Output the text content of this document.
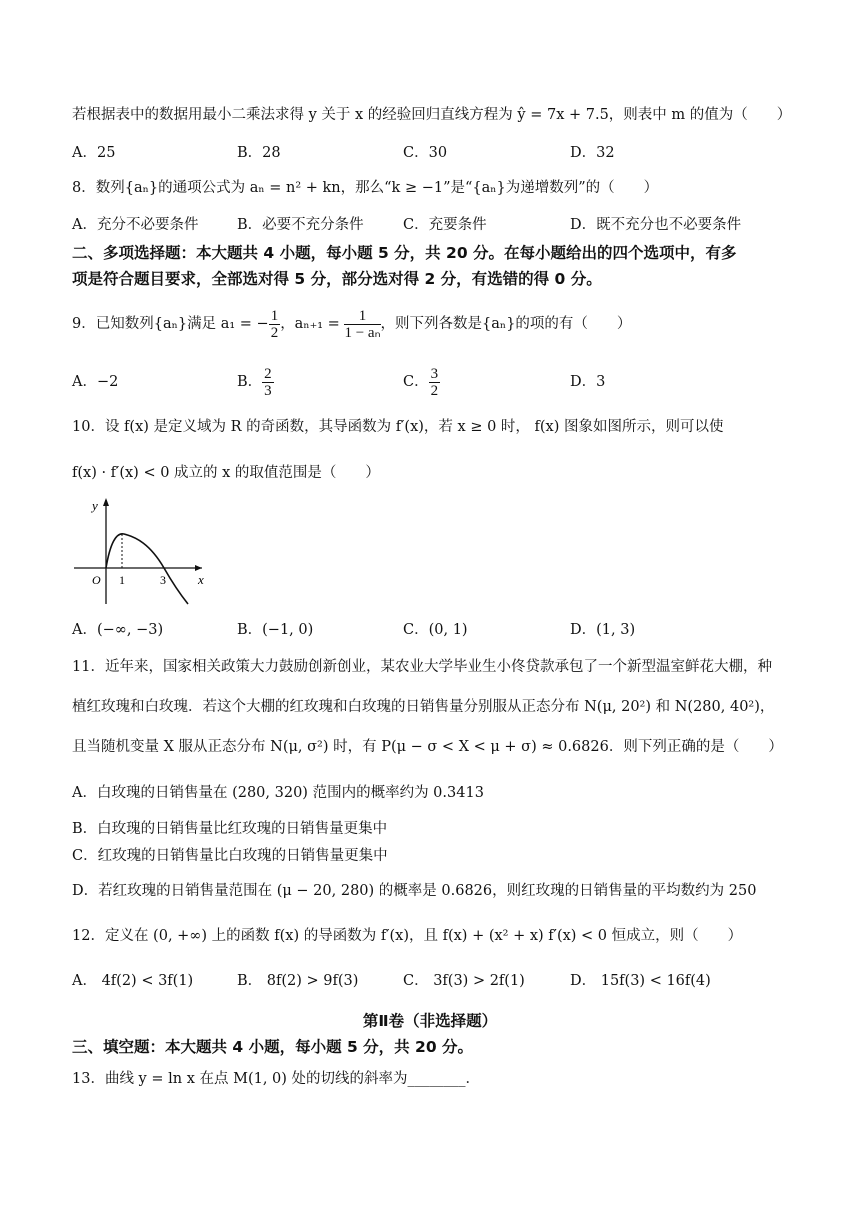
若根据表中的数据用最小二乘法求得 y 关于 x 的经验回归直线方程为 ŷ = 7x + 7.5，则表中 m 的值为（　　）
A．25	B．28	C．30	D．32
8．数列{aₙ}的通项公式为 aₙ = n² + kn，那么“k ≥ −1”是“{aₙ}为递增数列”的（　　）
A．充分不必要条件	B．必要不充分条件	C．充要条件	D．既不充分也不必要条件
二、多项选择题：本大题共 4 小题，每小题 5 分，共 20 分。在每小题给出的四个选项中，有多
项是符合题目要求，全部选对得 5 分，部分选对得 2 分，有选错的得 0 分。
9．已知数列{aₙ}满足 a₁ = − $\frac{1}{2}$ ，$a_{n+1} = \frac{1}{\text{1 − aₙ}}$ ，则下列各数是{aₙ}的项的有（　　）
A．−2	B． $\frac{2}{3}$	C． $\frac{3}{2}$	D．3
10．设 f(x) 是定义域为 R 的奇函数，其导函数为 f′(x)，若 x ≥ 0 时， f(x) 图象如图所示，则可以使
f(x) · f′(x) < 0 成立的 x 的取值范围是（　　）
y
x
O 1	3
A．(−∞, −3)	B．(−1, 0)	C．(0, 1)	D．(1, 3)
11．近年来，国家相关政策大力鼓励创新创业，某农业大学毕业生小佟贷款承包了一个新型温室鲜花大棚，种
植红玫瑰和白玫瑰．若这个大棚的红玫瑰和白玫瑰的日销售量分别服从正态分布 N(μ, 20²) 和 N(280, 40²)，
且当随机变量 X 服从正态分布 N(μ, σ²) 时，有 P(μ − σ < X < μ + σ) ≈ 0.6826．则下列正确的是（　　）
A．白玫瑰的日销售量在 (280, 320) 范围内的概率约为 0.3413
B．白玫瑰的日销售量比红玫瑰的日销售量更集中
C．红玫瑰的日销售量比白玫瑰的日销售量更集中
D．若红玫瑰的日销售量范围在 (μ − 20, 280) 的概率是 0.6826，则红玫瑰的日销售量的平均数约为 250
12．定义在 (0, +∞) 上的函数 f(x) 的导函数为 f′(x)，且 f(x) + (x² + x) f′(x) < 0 恒成立，则（　　）
A． 4f(2) < 3f(1)	B． 8f(2) > 9f(3)	C． 3f(3) > 2f(1)	D． 15f(3) < 16f(4)
第Ⅱ卷（非选择题）
三、填空题：本大题共 4 小题，每小题 5 分，共 20 分。
13．曲线 y = ln x 在点 M(1, 0) 处的切线的斜率为________．
